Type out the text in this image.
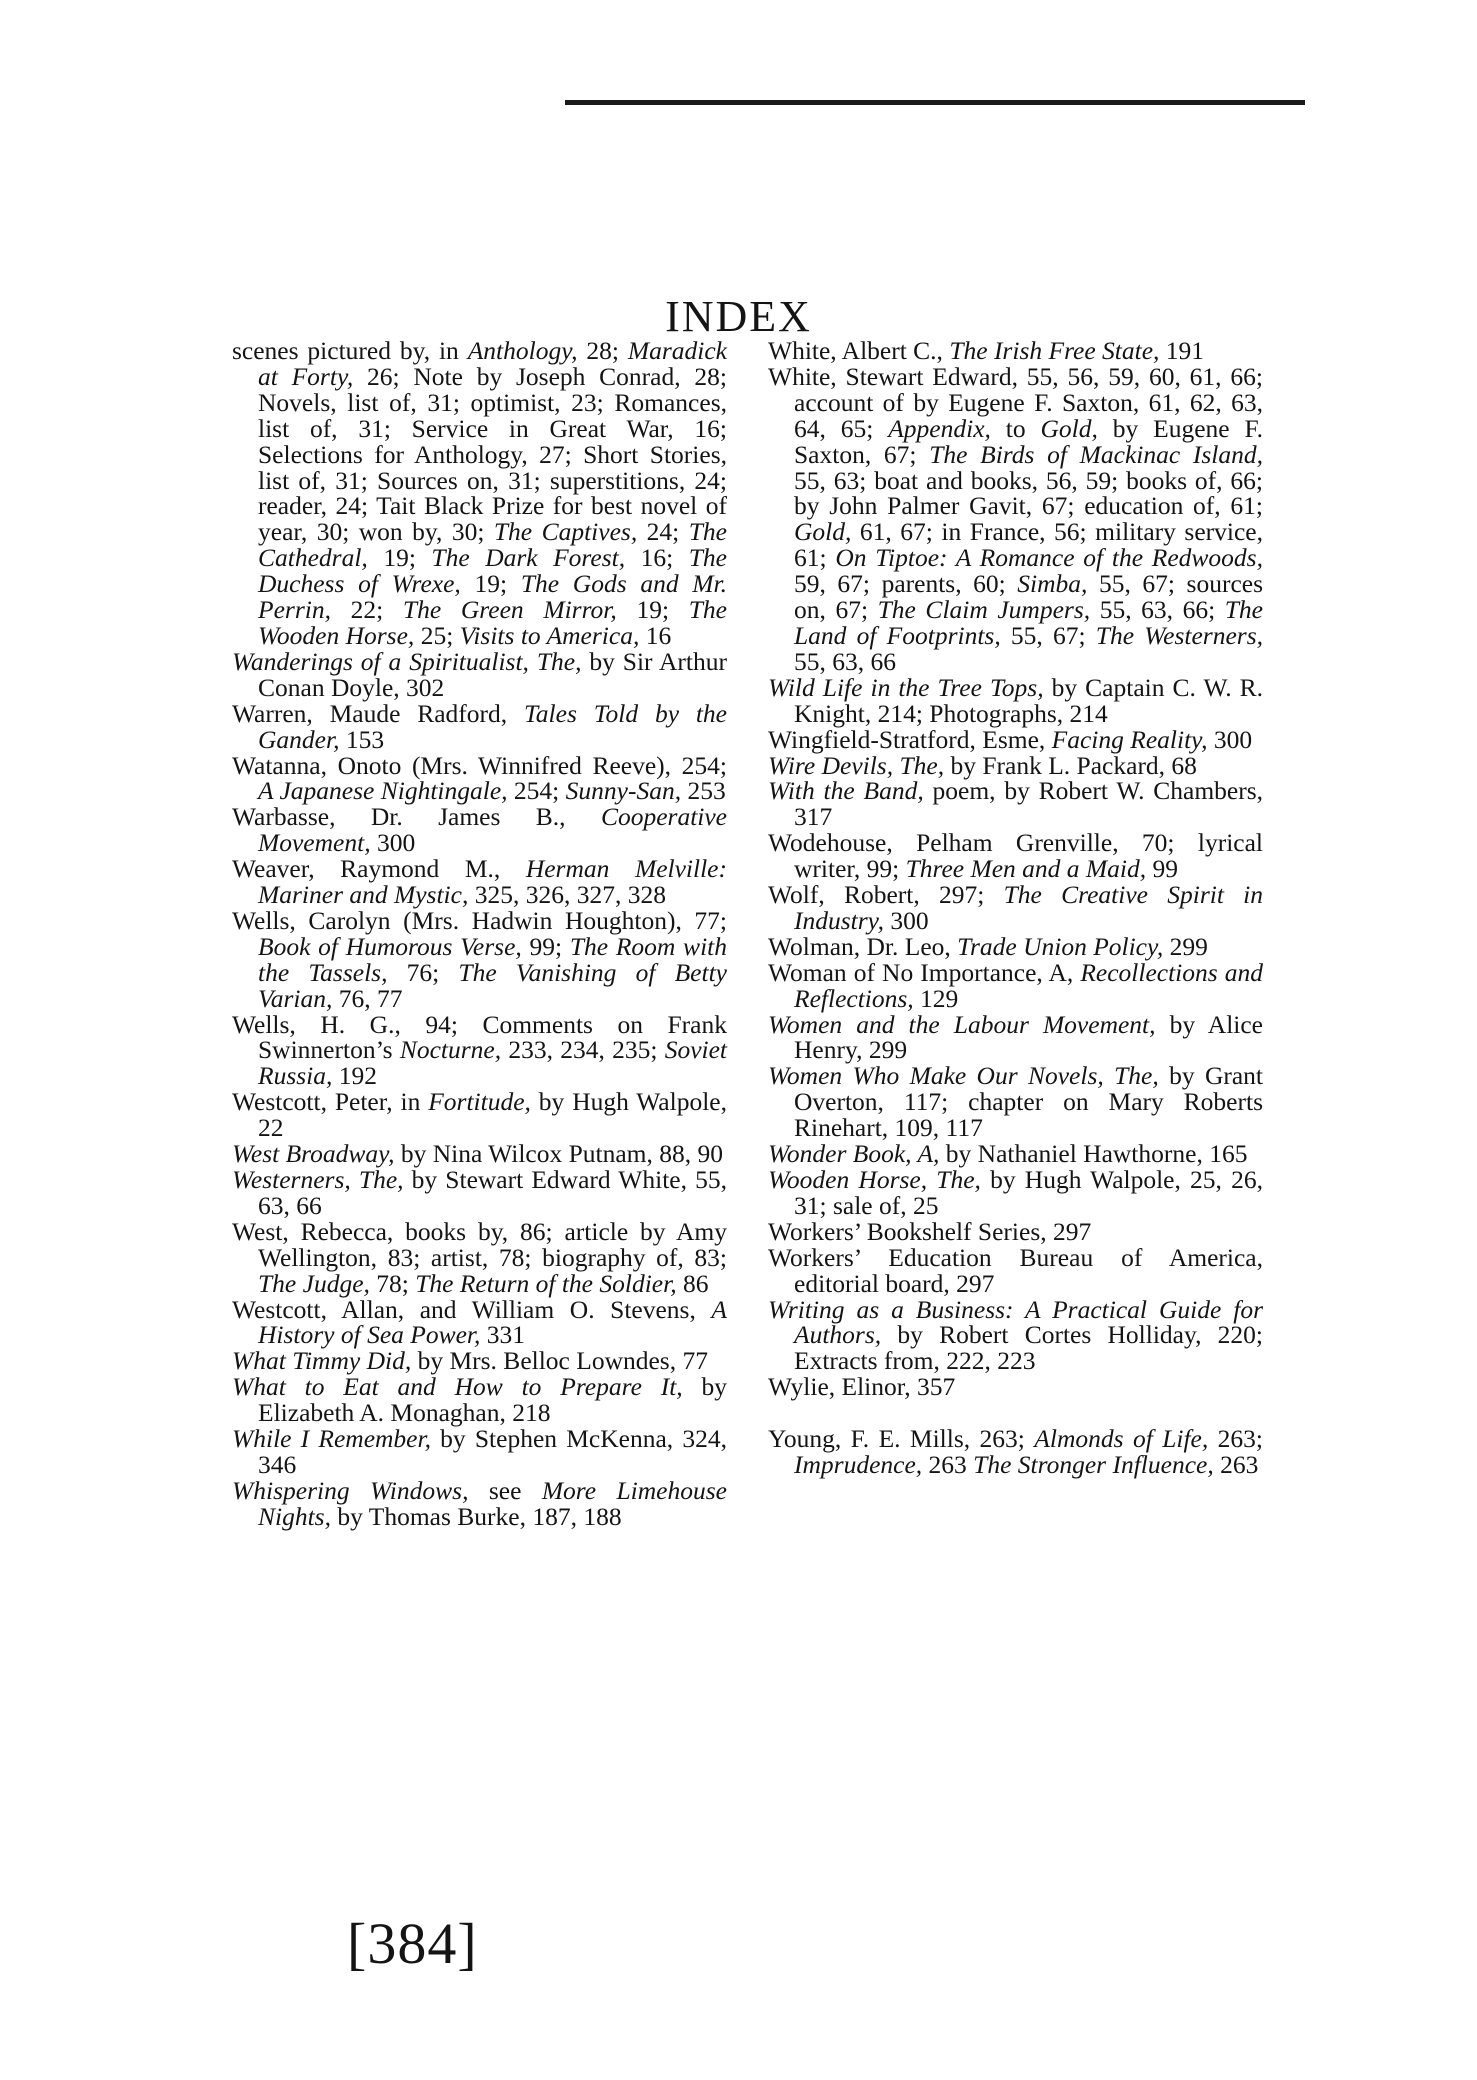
INDEX

scenes pictured by, in Anthology, 28; Maradick at Forty, 26; Note by Joseph Conrad, 28; Novels, list of, 31; optimist, 23; Romances, list of, 31; Service in Great War, 16; Selections for Anthology, 27; Short Stories, list of, 31; Sources on, 31; superstitions, 24; reader, 24; Tait Black Prize for best novel of year, 30; won by, 30; The Captives, 24; The Cathedral, 19; The Dark Forest, 16; The Duchess of Wrexe, 19; The Gods and Mr. Perrin, 22; The Green Mirror, 19; The Wooden Horse, 25; Visits to America, 16

Wanderings of a Spiritualist, The, by Sir Arthur Conan Doyle, 302

Warren, Maude Radford, Tales Told by the Gander, 153

Watanna, Onoto (Mrs. Winnifred Reeve), 254; A Japanese Nightingale, 254; Sunny-San, 253

Warbasse, Dr. James B., Cooperative Movement, 300

Weaver, Raymond M., Herman Melville: Mariner and Mystic, 325, 326, 327, 328

Wells, Carolyn (Mrs. Hadwin Houghton), 77; Book of Humorous Verse, 99; The Room with the Tassels, 76; The Vanishing of Betty Varian, 76, 77

Wells, H. G., 94; Comments on Frank Swinnerton’s Nocturne, 233, 234, 235; Soviet Russia, 192

Westcott, Peter, in Fortitude, by Hugh Walpole, 22

West Broadway, by Nina Wilcox Putnam, 88, 90

Westerners, The, by Stewart Edward White, 55, 63, 66

West, Rebecca, books by, 86; article by Amy Wellington, 83; artist, 78; biography of, 83; The Judge, 78; The Return of the Soldier, 86

Westcott, Allan, and William O. Stevens, A History of Sea Power, 331

What Timmy Did, by Mrs. Belloc Lowndes, 77

What to Eat and How to Prepare It, by Elizabeth A. Monaghan, 218

While I Remember, by Stephen McKenna, 324, 346

Whispering Windows, see More Limehouse Nights, by Thomas Burke, 187, 188

White, Albert C., The Irish Free State, 191

White, Stewart Edward, 55, 56, 59, 60, 61, 66; account of by Eugene F. Saxton, 61, 62, 63, 64, 65; Appendix, to Gold, by Eugene F. Saxton, 67; The Birds of Mackinac Island, 55, 63; boat and books, 56, 59; books of, 66; by John Palmer Gavit, 67; education of, 61; Gold, 61, 67; in France, 56; military service, 61; On Tiptoe: A Romance of the Redwoods, 59, 67; parents, 60; Simba, 55, 67; sources on, 67; The Claim Jumpers, 55, 63, 66; The Land of Footprints, 55, 67; The Westerners, 55, 63, 66

Wild Life in the Tree Tops, by Captain C. W. R. Knight, 214; Photographs, 214

Wingfield-Stratford, Esme, Facing Reality, 300

Wire Devils, The, by Frank L. Packard, 68

With the Band, poem, by Robert W. Chambers, 317

Wodehouse, Pelham Grenville, 70; lyrical writer, 99; Three Men and a Maid, 99

Wolf, Robert, 297; The Creative Spirit in Industry, 300

Wolman, Dr. Leo, Trade Union Policy, 299

Woman of No Importance, A, Recollections and Reflections, 129

Women and the Labour Movement, by Alice Henry, 299

Women Who Make Our Novels, The, by Grant Overton, 117; chapter on Mary Roberts Rinehart, 109, 117

Wonder Book, A, by Nathaniel Hawthorne, 165

Wooden Horse, The, by Hugh Walpole, 25, 26, 31; sale of, 25

Workers’ Bookshelf Series, 297

Workers’ Education Bureau of America, editorial board, 297

Writing as a Business: A Practical Guide for Authors, by Robert Cortes Holliday, 220; Extracts from, 222, 223

Wylie, Elinor, 357

Young, F. E. Mills, 263; Almonds of Life, 263; Imprudence, 263 The Stronger Influence, 263

[384]
